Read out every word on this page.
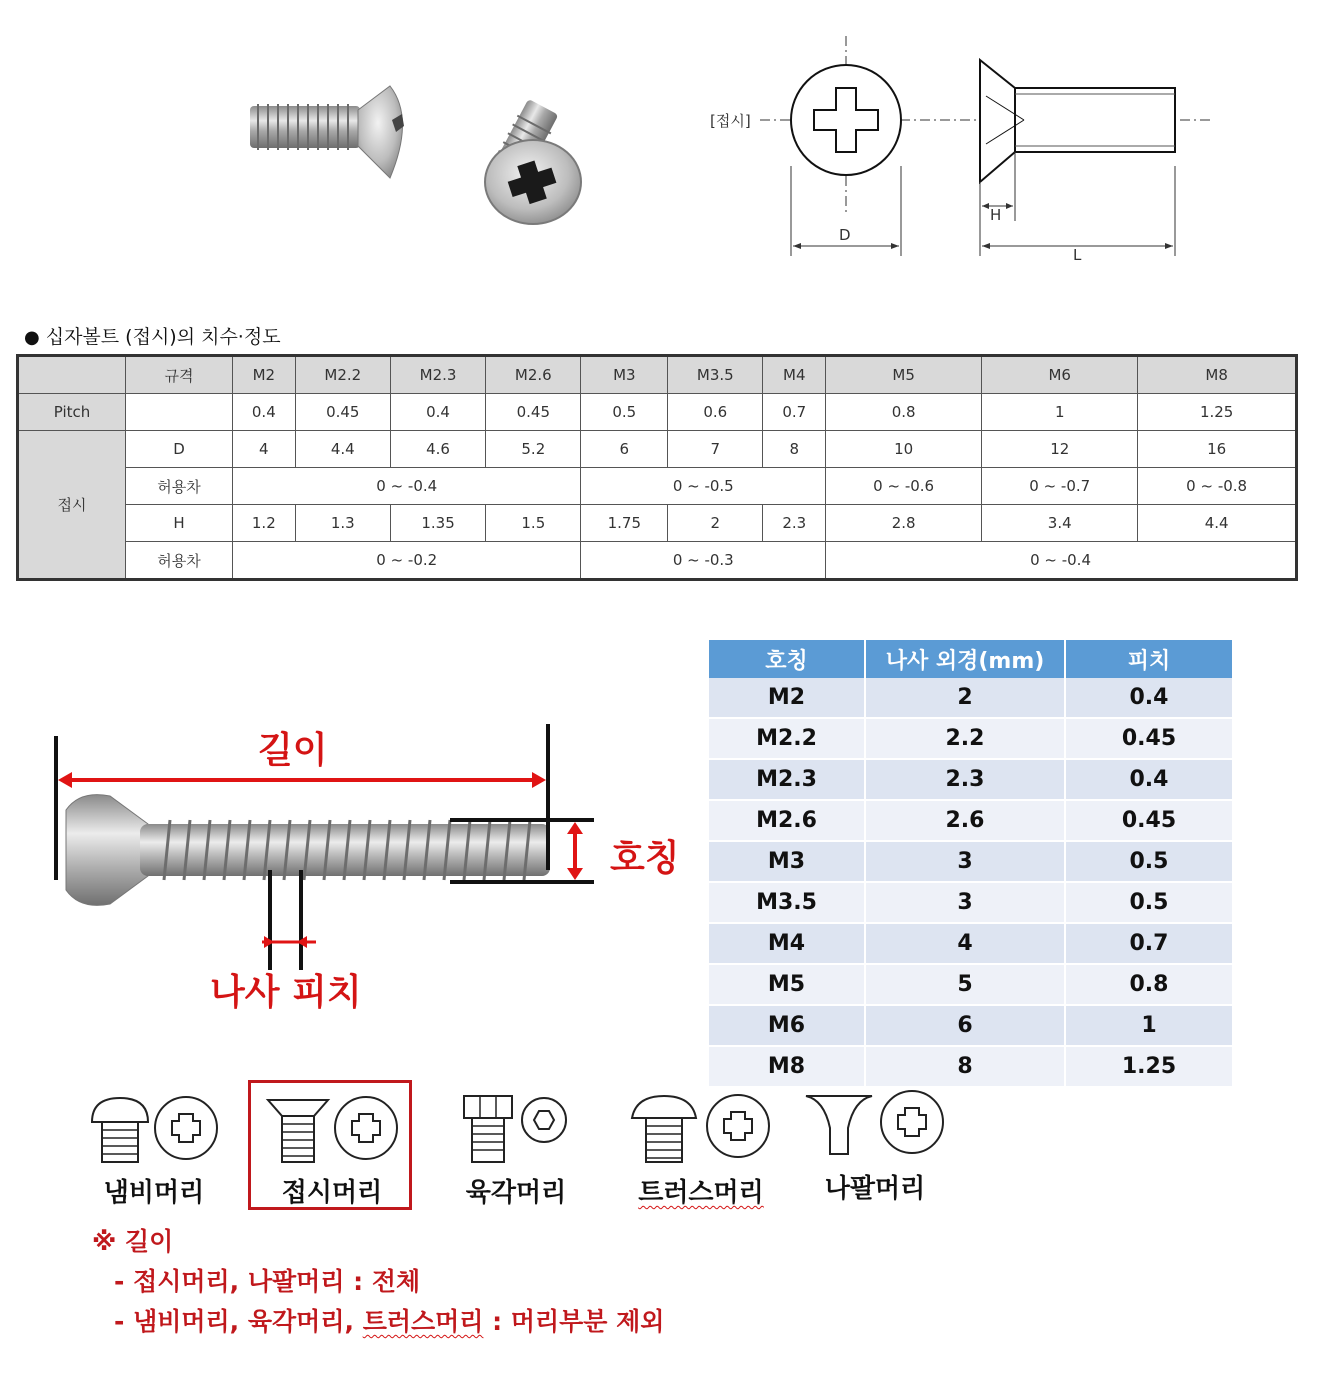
[접시]
D
H
L
● 십자볼트 (접시)의 치수·정도
	규격	M2	M2.2	M2.3	M2.6	M3	M3.5	M4	M5	M6	M8
Pitch		0.4	0.45	0.4	0.45	0.5	0.6	0.7	0.8	1	1.25
접시	D	4	4.4	4.6	5.2	6	7	8	10	12	16
	허용차	0 ~ -0.4				0 ~ -0.5			0 ~ -0.6	0 ~ -0.7	0 ~ -0.8
	H	1.2	1.3	1.35	1.5	1.75	2	2.3	2.8	3.4	4.4
	허용차	0 ~ -0.2				0 ~ -0.3			0 ~ -0.4		
길이
호칭
나사 피치
호칭	나사 외경(mm)	피치
M2	2	0.4
M2.2	2.2	0.45
M2.3	2.3	0.4
M2.6	2.6	0.45
M3	3	0.5
M3.5	3	0.5
M4	4	0.7
M5	5	0.8
M6	6	1
M8	8	1.25
냄비머리	접시머리	육각머리	트러스머리	나팔머리
※ 길이
- 접시머리, 나팔머리 : 전체
- 냄비머리, 육각머리, 트러스머리 : 머리부분 제외
